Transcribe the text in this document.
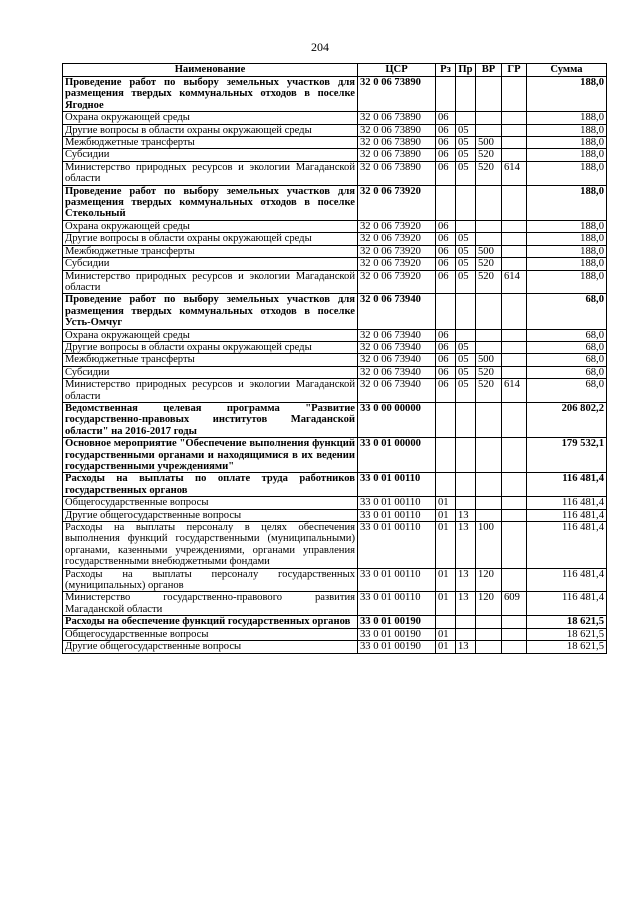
204
Наименование	ЦСР	Рз	Пр	ВР	ГР	Сумма
Проведение работ по выбору земельных участков для размещения твердых коммунальных отходов в поселке Ягодное	32 0 06 73890					188,0
Охрана окружающей среды	32 0 06 73890	06				188,0
Другие вопросы в области охраны окружающей среды	32 0 06 73890	06	05			188,0
Межбюджетные трансферты	32 0 06 73890	06	05	500		188,0
Субсидии	32 0 06 73890	06	05	520		188,0
Министерство природных ресурсов и экологии Магаданской области	32 0 06 73890	06	05	520	614	188,0
Проведение работ по выбору земельных участков для размещения твердых коммунальных отходов в поселке Стекольный	32 0 06 73920					188,0
Охрана окружающей среды	32 0 06 73920	06				188,0
Другие вопросы в области охраны окружающей среды	32 0 06 73920	06	05			188,0
Межбюджетные трансферты	32 0 06 73920	06	05	500		188,0
Субсидии	32 0 06 73920	06	05	520		188,0
Министерство природных ресурсов и экологии Магаданской области	32 0 06 73920	06	05	520	614	188,0
Проведение работ по выбору земельных участков для размещения твердых коммунальных отходов в поселке Усть-Омчуг	32 0 06 73940					68,0
Охрана окружающей среды	32 0 06 73940	06				68,0
Другие вопросы в области охраны окружающей среды	32 0 06 73940	06	05			68,0
Межбюджетные трансферты	32 0 06 73940	06	05	500		68,0
Субсидии	32 0 06 73940	06	05	520		68,0
Министерство природных ресурсов и экологии Магаданской области	32 0 06 73940	06	05	520	614	68,0
Ведомственная целевая программа "Развитие государственно-правовых институтов Магаданской области" на 2016-2017 годы	33 0 00 00000					206 802,2
Основное мероприятие "Обеспечение выполнения функций государственными органами и находящимися в их ведении государственными учреждениями"	33 0 01 00000					179 532,1
Расходы на выплаты по оплате труда работников государственных органов	33 0 01 00110					116 481,4
Общегосударственные вопросы	33 0 01 00110	01				116 481,4
Другие общегосударственные вопросы	33 0 01 00110	01	13			116 481,4
Расходы на выплаты персоналу в целях обеспечения выполнения функций государственными (муниципальными) органами, казенными учреждениями, органами управления государственными внебюджетными фондами	33 0 01 00110	01	13	100		116 481,4
Расходы на выплаты персоналу государственных (муниципальных) органов	33 0 01 00110	01	13	120		116 481,4
Министерство государственно-правового развития Магаданской области	33 0 01 00110	01	13	120	609	116 481,4
Расходы на обеспечение функций государственных органов	33 0 01 00190					18 621,5
Общегосударственные вопросы	33 0 01 00190	01				18 621,5
Другие общегосударственные вопросы	33 0 01 00190	01	13			18 621,5
